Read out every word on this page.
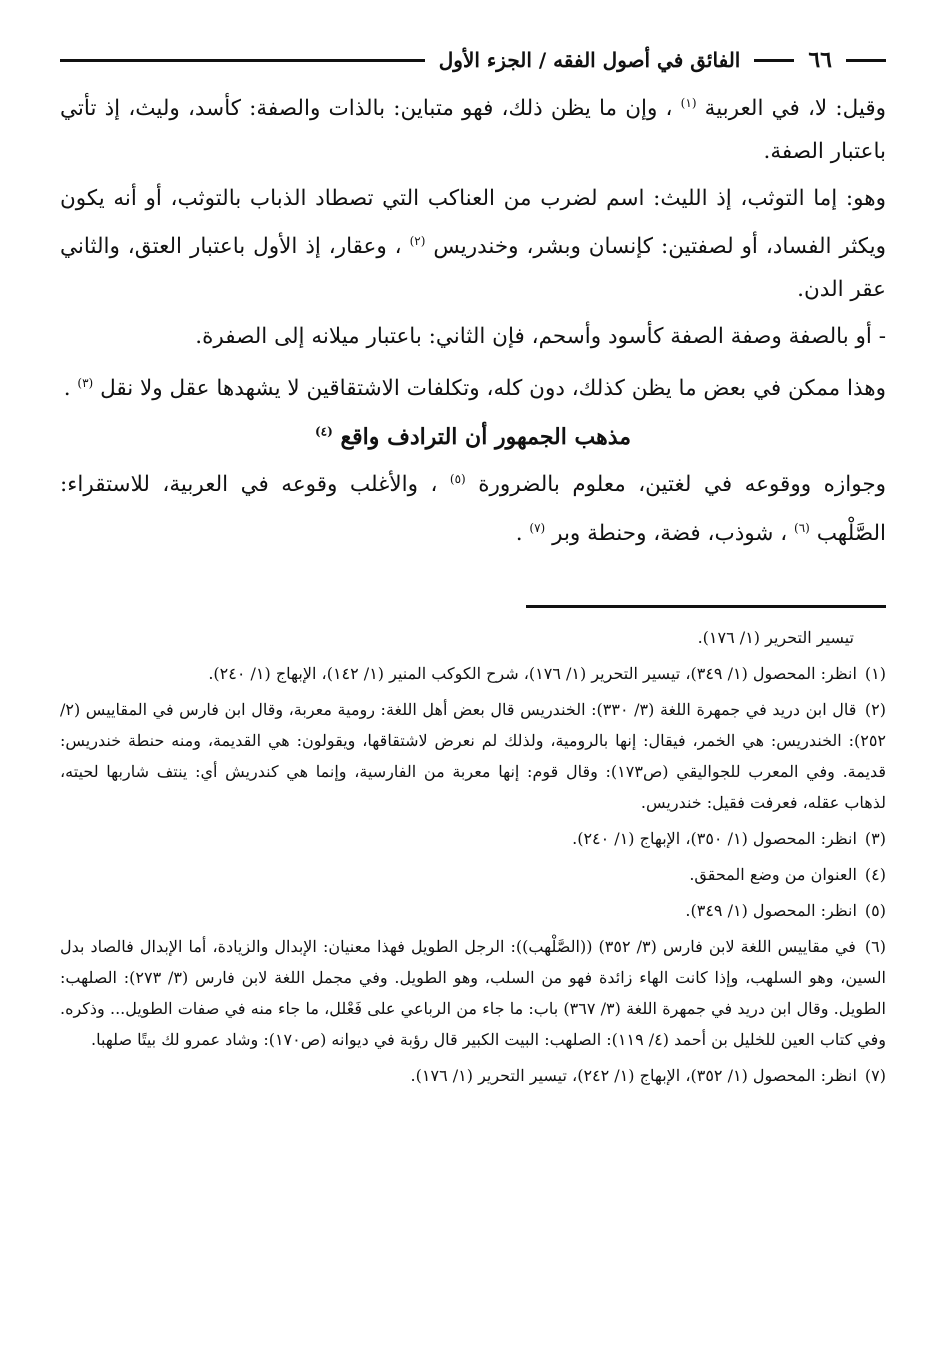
٦٦
الفائق في أصول الفقه / الجزء الأول

وقيل: لا، في العربية $^{(١)}$ ، وإن ما يظن ذلك، فهو متباين: بالذات والصفة: كأسد، وليث، إذ تأتي باعتبار الصفة.

وهو: إما التوثب، إذ الليث: اسم لضرب من العناكب التي تصطاد الذباب بالتوثب، أو أنه يكون ويكثر الفساد، أو لصفتين: كإنسان وبشر، وخندريس $^{(٢)}$ ، وعقار، إذ الأول باعتبار العتق، والثاني عقر الدن.

- أو بالصفة وصفة الصفة كأسود وأسحم، فإن الثاني: باعتبار ميلانه إلى الصفرة.

وهذا ممكن في بعض ما يظن كذلك، دون كله، وتكلفات الاشتقاقين لا يشهدها عقل ولا نقل $^{(٣)}$ .

مذهب الجمهور أن الترادف واقع $^{(٤)}$

وجوازه ووقوعه في لغتين، معلوم بالضرورة $^{(٥)}$ ، والأغلب وقوعه في العربية، للاستقراء: الصَّلْهب $^{(٦)}$ ، شوذب، فضة، وحنطة وبر $^{(٧)}$ .

تيسير التحرير (١/ ١٧٦).

(١) انظر: المحصول (١/ ٣٤٩)، تيسير التحرير (١/ ١٧٦)، شرح الكوكب المنير (١/ ١٤٢)، الإبهاج (١/ ٢٤٠).

(٢) قال ابن دريد في جمهرة اللغة (٣/ ٣٣٠): الخندريس قال بعض أهل اللغة: رومية معربة، وقال ابن فارس في المقاييس (٢/ ٢٥٢): الخندريس: هي الخمر، فيقال: إنها بالرومية، ولذلك لم نعرض لاشتقاقها، ويقولون: هي القديمة، ومنه حنطة خندريس: قديمة. وفي المعرب للجواليقي (ص١٧٣): وقال قوم: إنها معربة من الفارسية، وإنما هي كندريش أي: ينتف شاربها لحيته، لذهاب عقله، فعرفت فقيل: خندريس.

(٣) انظر: المحصول (١/ ٣٥٠)، الإبهاج (١/ ٢٤٠).

(٤) العنوان من وضع المحقق.

(٥) انظر: المحصول (١/ ٣٤٩).

(٦) في مقاييس اللغة لابن فارس (٣/ ٣٥٢) ((الصَّلْهب)): الرجل الطويل فهذا معنيان: الإبدال والزيادة، أما الإبدال فالصاد بدل السين، وهو السلهب، وإذا كانت الهاء زائدة فهو من السلب، وهو الطويل. وفي مجمل اللغة لابن فارس (٣/ ٢٧٣): الصلهب: الطويل. وقال ابن دريد في جمهرة اللغة (٣/ ٣٦٧) باب: ما جاء من الرباعي على فَعْلل، ما جاء منه في صفات الطويل... وذكره. وفي كتاب العين للخليل بن أحمد (٤/ ١١٩): الصلهب: البيت الكبير قال رؤبة في ديوانه (ص١٧٠): وشاد عمرو لك بيتًا صلهبا.

(٧) انظر: المحصول (١/ ٣٥٢)، الإبهاج (١/ ٢٤٢)، تيسير التحرير (١/ ١٧٦).
